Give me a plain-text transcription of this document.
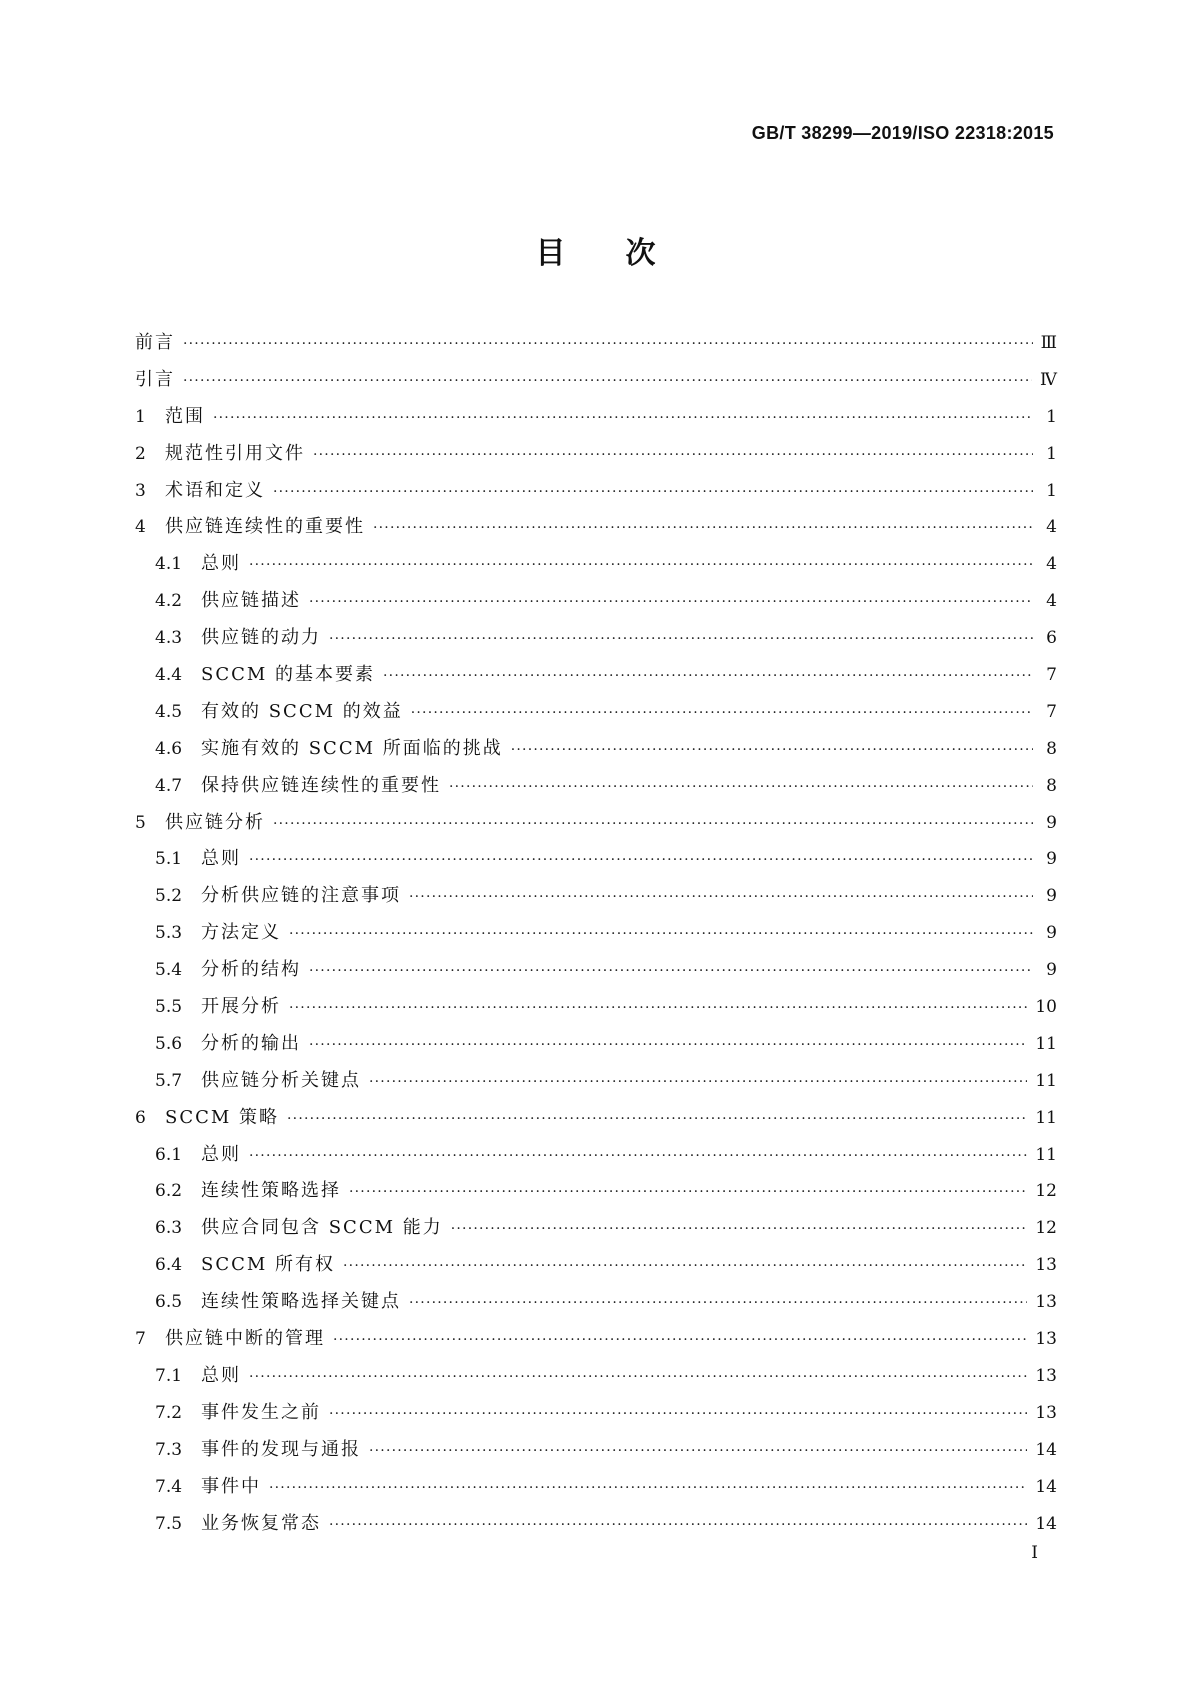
GB/T 38299—2019/ISO 22318:2015
目 次
前言 ·····	Ⅲ
引言 ·····	Ⅳ
1	范围 ·····	1
2	规范性引用文件 ·····	1
3	术语和定义 ·····	1
4	供应链连续性的重要性 ·····	4
4.1	总则 ·····	4
4.2	供应链描述 ·····	4
4.3	供应链的动力 ·····	6
4.4	SCCM 的基本要素 ·····	7
4.5	有效的 SCCM 的效益 ·····	7
4.6	实施有效的 SCCM 所面临的挑战 ·····	8
4.7	保持供应链连续性的重要性 ·····	8
5	供应链分析 ·····	9
5.1	总则 ·····	9
5.2	分析供应链的注意事项 ·····	9
5.3	方法定义 ·····	9
5.4	分析的结构 ·····	9
5.5	开展分析 ·····	10
5.6	分析的输出 ·····	11
5.7	供应链分析关键点 ·····	11
6	SCCM 策略 ·····	11
6.1	总则 ·····	11
6.2	连续性策略选择 ·····	12
6.3	供应合同包含 SCCM 能力 ·····	12
6.4	SCCM 所有权 ·····	13
6.5	连续性策略选择关键点 ·····	13
7	供应链中断的管理 ·····	13
7.1	总则 ·····	13
7.2	事件发生之前 ·····	13
7.3	事件的发现与通报 ·····	14
7.4	事件中 ·····	14
7.5	业务恢复常态 ·····	14
I
